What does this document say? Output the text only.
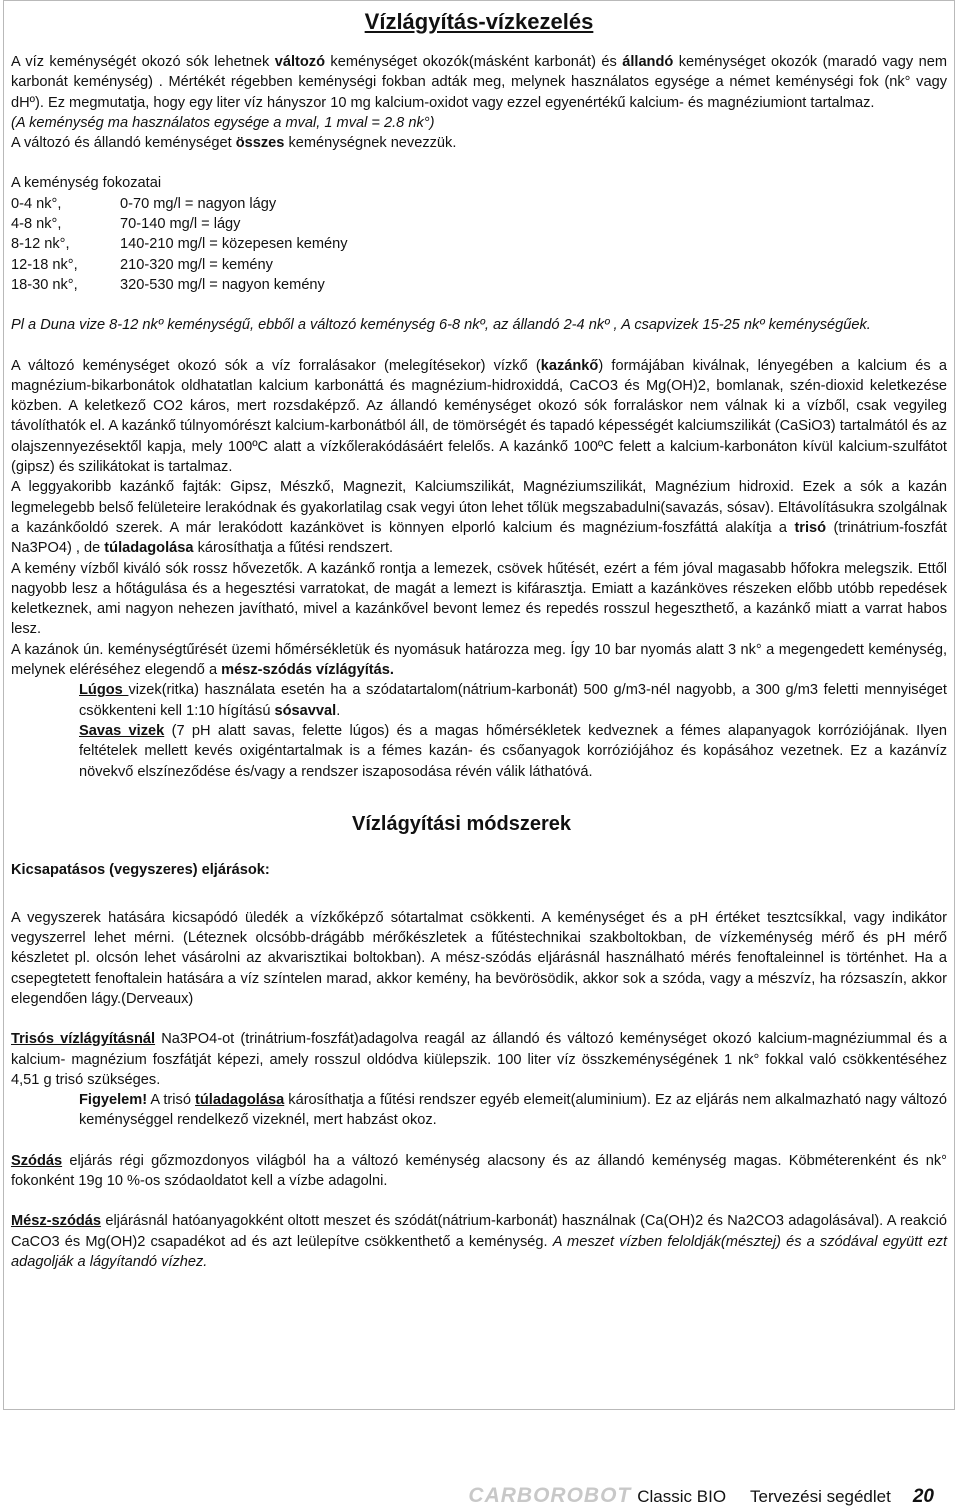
Vízlágyítás-vízkezelés

A víz keménységét okozó sók lehetnek változó keménységet okozók(másként karbonát) és állandó keménységet okozók (maradó vagy nem karbonát keménység) . Mértékét régebben keménységi fokban adták meg, melynek használatos egysége a német keménységi fok (nk° vagy dHº). Ez megmutatja, hogy egy liter víz hányszor 10 mg kalcium-oxidot vagy ezzel egyenértékű kalcium- és magnéziumiont tartalmaz.

(A keménység ma használatos egysége a mval, 1 mval = 2.8 nk°)

A változó és állandó keménységet összes keménységnek nevezzük.

A keménység fokozatai

0-4 nk°,	0-70 mg/l = nagyon lágy
4-8 nk°,	70-140 mg/l = lágy
8-12 nk°,	140-210 mg/l = közepesen kemény
12-18 nk°,	210-320 mg/l = kemény
18-30 nk°,	320-530 mg/l = nagyon kemény

Pl a Duna vize 8-12 nkº keménységű, ebből a változó keménység 6-8 nkº, az állandó 2-4 nkº , A csapvizek 15-25 nkº keménységűek.

A változó keménységet okozó sók a víz forralásakor (melegítésekor) vízkő (kazánkő) formájában kiválnak, lényegében a kalcium és a magnézium-bikarbonátok oldhatatlan kalcium karbonáttá és magnézium-hidroxiddá, CaCO3 és Mg(OH)2, bomlanak, szén-dioxid keletkezése közben. A keletkező CO2 káros, mert rozsdaképző. Az állandó keménységet okozó sók forraláskor nem válnak ki a vízből, csak vegyileg távolíthatók el. A kazánkő túlnyomórészt kalcium-karbonátból áll, de tömörségét és tapadó képességét kalciumszilikát (CaSiO3) tartalmától és az olajszennyezésektől kapja, mely 100ºC alatt a vízkőlerakódásáért felelős. A kazánkő 100ºC felett a kalcium-karbonáton kívül kalcium-szulfátot (gipsz) és szilikátokat is tartalmaz.

A leggyakoribb kazánkő fajták: Gipsz, Mészkő, Magnezit, Kalciumszilikát, Magnéziumszilikát, Magnézium hidroxid. Ezek a sók a kazán legmelegebb belső felületeire lerakódnak és gyakorlatilag csak vegyi úton lehet tőlük megszabadulni(savazás, sósav). Eltávolításukra szolgálnak a kazánkőoldó szerek. A már lerakódott kazánkövet is könnyen elporló kalcium és magnézium-foszfáttá alakítja a trisó (trinátrium-foszfát Na3PO4) , de túladagolása károsíthatja a fűtési rendszert.

A kemény vízből kiváló sók rossz hővezetők. A kazánkő rontja a lemezek, csövek hűtését, ezért a fém jóval magasabb hőfokra melegszik. Ettől nagyobb lesz a hőtágulása és a hegesztési varratokat, de magát a lemezt is kifárasztja. Emiatt a kazánköves részeken előbb utóbb repedések keletkeznek, ami nagyon nehezen javítható, mivel a kazánkővel bevont lemez és repedés rosszul hegeszthető, a kazánkő miatt a varrat habos lesz.

A kazánok ún. keménységtűrését üzemi hőmérsékletük és nyomásuk határozza meg. Így 10 bar nyomás alatt 3 nk° a megengedett keménység, melynek eléréséhez elegendő a mész-szódás vízlágyítás.

Lúgos vizek(ritka) használata esetén ha a szódatartalom(nátrium-karbonát) 500 g/m3-nél nagyobb, a 300 g/m3 feletti mennyiséget csökkenteni kell 1:10 hígítású sósavval.

Savas vizek (7 pH alatt savas, felette lúgos) és a magas hőmérsékletek kedveznek a fémes alapanyagok korróziójának. Ilyen feltételek mellett kevés oxigéntartalmak is a fémes kazán- és csőanyagok korróziójához és kopásához vezetnek. Ez a kazánvíz növekvő elszíneződése és/vagy a rendszer iszaposodása révén válik láthatóvá.

Vízlágyítási módszerek
Kicsapatásos (vegyszeres) eljárások:

A vegyszerek hatására kicsapódó üledék a vízkőképző sótartalmat csökkenti. A keménységet és a pH értéket tesztcsíkkal, vagy indikátor vegyszerrel lehet mérni. (Léteznek olcsóbb-drágább mérőkészletek a fűtéstechnikai szakboltokban, de vízkeménység mérő és pH mérő készletet pl. olcsón lehet vásárolni az akvarisztikai boltokban). A mész-szódás eljárásnál használható mérés fenoftaleinnel is történhet. Ha a csepegtetett fenoftalein hatására a víz színtelen marad, akkor kemény, ha bevörösödik, akkor sok a szóda, vagy a mészvíz, ha rózsaszín, akkor elegendően lágy.(Derveaux)

Trisós vízlágyításnál Na3PO4-ot (trinátrium-foszfát)adagolva reagál az állandó és változó keménységet okozó kalcium-magnéziummal és a kalcium- magnézium foszfátját képezi, amely rosszul oldódva kiülepszik. 100 liter víz összkeménységének 1 nk° fokkal való csökkentéséhez 4,51 g trisó szükséges.

Figyelem! A trisó túladagolása károsíthatja a fűtési rendszer egyéb elemeit(aluminium). Ez az eljárás nem alkalmazható nagy változó keménységgel rendelkező vizeknél, mert habzást okoz.

Szódás eljárás régi gőzmozdonyos világból ha a változó keménység alacsony és az állandó keménység magas. Köbméterenként és nk° fokonként 19g 10 %-os szódaoldatot kell a vízbe adagolni.

Mész-szódás eljárásnál hatóanyagokként oltott meszet és szódát(nátrium-karbonát) használnak (Ca(OH)2 és Na2CO3 adagolásával). A reakció CaCO3 és Mg(OH)2 csapadékot ad és azt leülepítve csökkenthető a keménység. A meszet vízben feloldják(mésztej) és a szódával együtt ezt adagolják a lágyítandó vízhez.

CARBOROBOT Classic BIO Tervezési segédlet 20
